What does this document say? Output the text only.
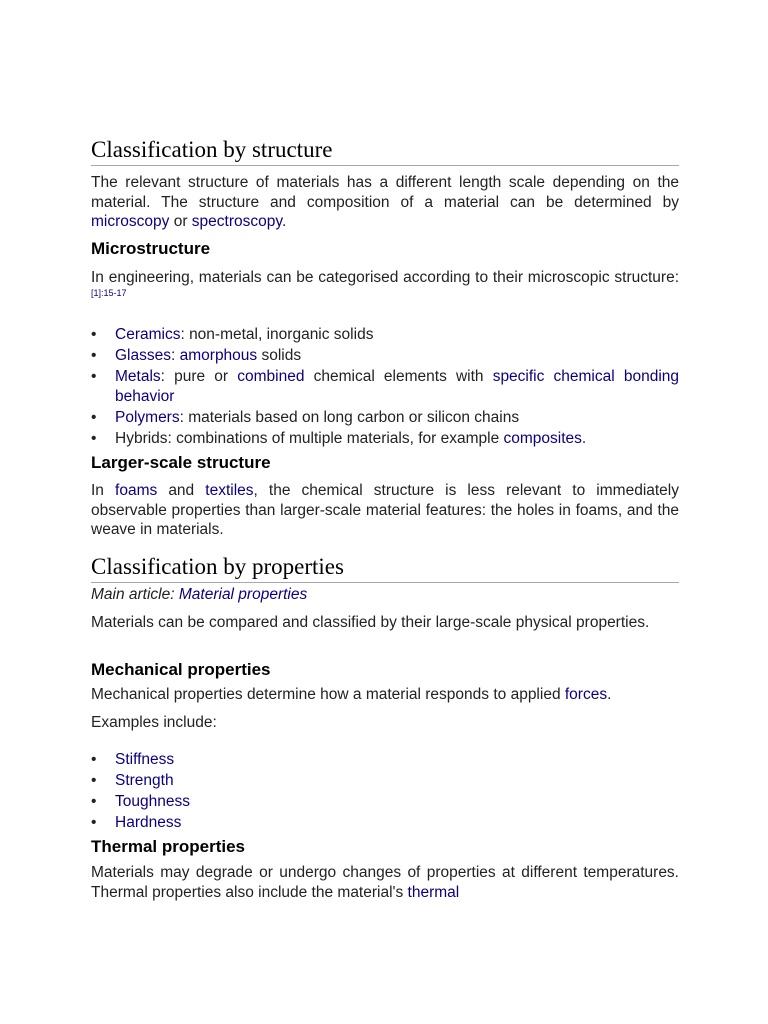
Classification by structure

The relevant structure of materials has a different length scale depending on the material. The structure and composition of a material can be determined by microscopy or spectroscopy.

Microstructure

In engineering, materials can be categorised according to their microscopic structure:$^{[1]:15-17}$

• Ceramics: non-metal, inorganic solids
• Glasses: amorphous solids
• Metals: pure or combined chemical elements with specific chemical bonding behavior
• Polymers: materials based on long carbon or silicon chains
• Hybrids: combinations of multiple materials, for example composites.
Larger-scale structure

In foams and textiles, the chemical structure is less relevant to immediately observable properties than larger-scale material features: the holes in foams, and the weave in materials.

Classification by properties
Main article: Material properties

Materials can be compared and classified by their large-scale physical properties.

Mechanical properties

Mechanical properties determine how a material responds to applied forces.

Examples include:

• Stiffness
• Strength
• Toughness
• Hardness
Thermal properties

Materials may degrade or undergo changes of properties at different temperatures. Thermal properties also include the material's thermal
